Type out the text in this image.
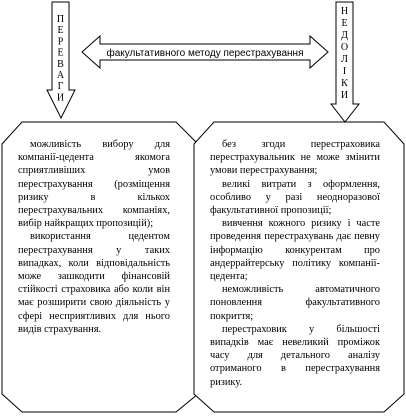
П
Е
Р
Е
В
А
Г
И
Н
Е
Д
О
Л
І
К
И
факультативного методу перестрахування

можливість вибору для компанії-цедента якомога сприятливіших умов перестрахування (розміщення ризику в кількох перестрахувальних компаніях, вибір найкращих пропозицій);

використання цедентом перестрахування у таких випадках, коли відповідальність може зашкодити фінансовій стійкості страховика або коли він має розширити свою діяльність у сфері несприятливих для нього видів страхування.

без згоди перестраховика перестрахувальник не може змінити умови перестрахування;

великі витрати з оформлення, особливо у разі неодноразової факультативної пропозиції;

вивчення кожного ризику і часте проведення перестрахувань дає певну інформацію конкурентам про андеррайтерську політику компанії-цедента;

неможливість автоматичного поновлення факультативного покриття;

перестраховик у більшості випадків має невеликий проміжок часу для детального аналізу отриманого в перестрахування ризику.
